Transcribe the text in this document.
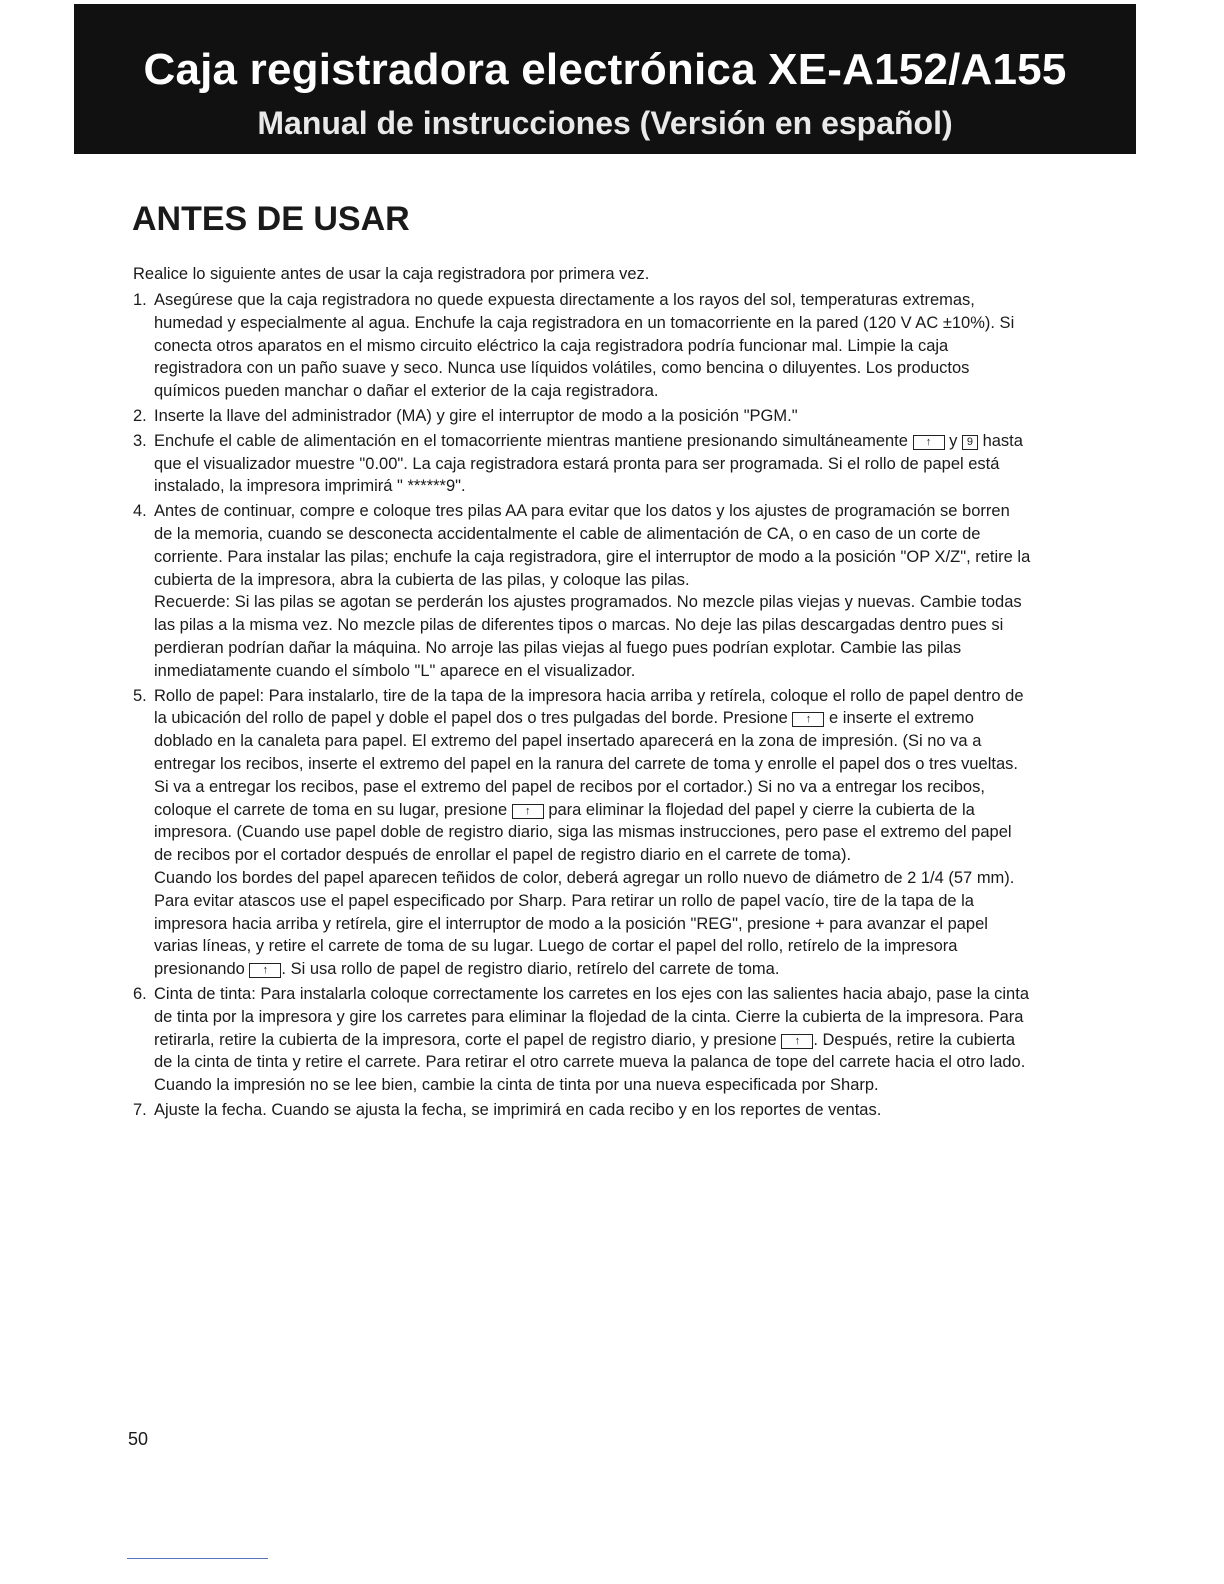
Caja registradora electrónica XE-A152/A155
Manual de instrucciones (Versión en español)
ANTES DE USAR

Realice lo siguiente antes de usar la caja registradora por primera vez.

1. Asegúrese que la caja registradora no quede expuesta directamente a los rayos del sol, temperaturas extremas, humedad y especialmente al agua. Enchufe la caja registradora en un tomacorriente en la pared (120 V AC ±10%). Si conecta otros aparatos en el mismo circuito eléctrico la caja registradora podría funcionar mal. Limpie la caja registradora con un paño suave y seco. Nunca use líquidos volátiles, como bencina o diluyentes. Los productos químicos pueden manchar o dañar el exterior de la caja registradora.

2. Inserte la llave del administrador (MA) y gire el interruptor de modo a la posición "PGM."

3. Enchufe el cable de alimentación en el tomacorriente mientras mantiene presionando simultáneamente ↑ y 9 hasta que el visualizador muestre "0.00". La caja registradora estará pronta para ser programada. Si el rollo de papel está instalado, la impresora imprimirá " ******9".

4. Antes de continuar, compre e coloque tres pilas AA para evitar que los datos y los ajustes de programación se borren de la memoria, cuando se desconecta accidentalmente el cable de alimentación de CA, o en caso de un corte de corriente. Para instalar las pilas; enchufe la caja registradora, gire el interruptor de modo a la posición "OP X/Z", retire la cubierta de la impresora, abra la cubierta de las pilas, y coloque las pilas.

Recuerde: Si las pilas se agotan se perderán los ajustes programados. No mezcle pilas viejas y nuevas. Cambie todas las pilas a la misma vez. No mezcle pilas de diferentes tipos o marcas. No deje las pilas descargadas dentro pues si perdieran podrían dañar la máquina. No arroje las pilas viejas al fuego pues podrían explotar. Cambie las pilas inmediatamente cuando el símbolo "L" aparece en el visualizador.

5. Rollo de papel: Para instalarlo, tire de la tapa de la impresora hacia arriba y retírela, coloque el rollo de papel dentro de la ubicación del rollo de papel y doble el papel dos o tres pulgadas del borde. Presione ↑ e inserte el extremo doblado en la canaleta para papel. El extremo del papel insertado aparecerá en la zona de impresión. (Si no va a entregar los recibos, inserte el extremo del papel en la ranura del carrete de toma y enrolle el papel dos o tres vueltas. Si va a entregar los recibos, pase el extremo del papel de recibos por el cortador.) Si no va a entregar los recibos, coloque el carrete de toma en su lugar, presione ↑ para eliminar la flojedad del papel y cierre la cubierta de la impresora. (Cuando use papel doble de registro diario, siga las mismas instrucciones, pero pase el extremo del papel de recibos por el cortador después de enrollar el papel de registro diario en el carrete de toma).

Cuando los bordes del papel aparecen teñidos de color, deberá agregar un rollo nuevo de diámetro de 2 1/4 (57 mm). Para evitar atascos use el papel especificado por Sharp. Para retirar un rollo de papel vacío, tire de la tapa de la impresora hacia arriba y retírela, gire el interruptor de modo a la posición "REG", presione + para avanzar el papel varias líneas, y retire el carrete de toma de su lugar. Luego de cortar el papel del rollo, retírelo de la impresora presionando ↑ . Si usa rollo de papel de registro diario, retírelo del carrete de toma.

6. Cinta de tinta: Para instalarla coloque correctamente los carretes en los ejes con las salientes hacia abajo, pase la cinta de tinta por la impresora y gire los carretes para eliminar la flojedad de la cinta. Cierre la cubierta de la impresora. Para retirarla, retire la cubierta de la impresora, corte el papel de registro diario, y presione ↑ . Después, retire la cubierta de la cinta de tinta y retire el carrete. Para retirar el otro carrete mueva la palanca de tope del carrete hacia el otro lado.

Cuando la impresión no se lee bien, cambie la cinta de tinta por una nueva especificada por Sharp.

7. Ajuste la fecha. Cuando se ajusta la fecha, se imprimirá en cada recibo y en los reportes de ventas.

50
